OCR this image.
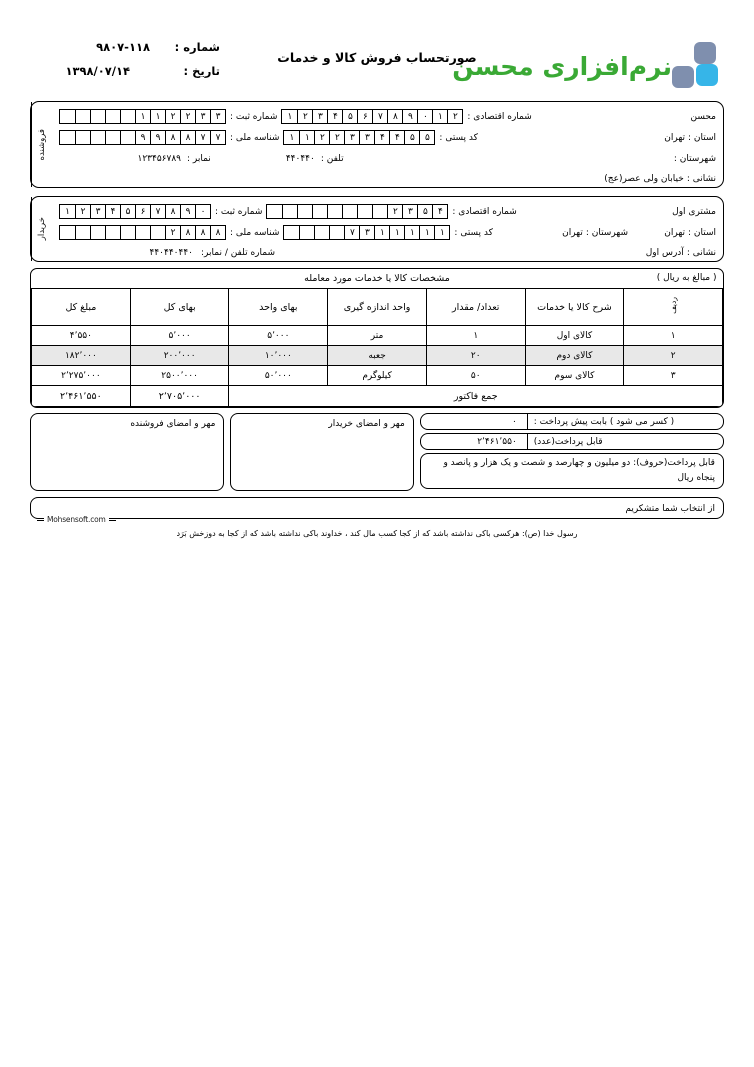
نرم‌افزاری محسن
صورتحساب فروش کالا و خدمات
شماره :
۹۸۰۷-۱۱۸
تاریخ :
۱۳۹۸/۰۷/۱۴
فروشنده
محسن
شماره اقتصادی :
۲
۱
۰
۹
۸
۷
۶
۵
۴
۳
۲
۱
شماره ثبت :
۳
۳
۲
۲
۱
۱
استان :
تهران
کد پستی :
۵
۵
۴
۴
۳
۳
۲
۲
۱
۱
شناسه ملی :
۷
۷
۸
۸
۹
۹
شهرستان :
تلفن :
۴۴۰۴۴۰
نمابر :
۱۲۳۴۵۶۷۸۹
نشانی :
خیابان ولی عصر(عج)
خریدار
مشتری اول
شماره اقتصادی :
۴
۵
۳
۲
شماره ثبت :
۰
۹
۸
۷
۶
۵
۴
۳
۲
۱
استان :
تهران
شهرستان :
تهران
کد پستی :
۱
۱
۱
۱
۱
۳
۷
شناسه ملی :
۸
۸
۸
۲
نشانی :
آدرس اول
شماره تلفن / نمابر:
۴۴۰۴۴۰۴۴۰
مشخصات کالا یا خدمات مورد معامله ( مبالغ به ریال )						

ردیف	شرح کالا یا خدمات	تعداد/ مقدار	واحد اندازه گیری	بهای واحد	بهای کل	مبلغ کل
۱	کالای اول	۱	متر	۵٬۰۰۰	۵٬۰۰۰	۴٬۵۵۰
۲	کالای دوم	۲۰	جعبه	۱۰٬۰۰۰	۲۰۰٬۰۰۰	۱۸۲٬۰۰۰
۳	کالای سوم	۵۰	کیلوگرم	۵۰٬۰۰۰	۲۵۰۰٬۰۰۰	۲٬۲۷۵٬۰۰۰
جمع فاکتور					۲٬۷۰۵٬۰۰۰	۲٬۴۶۱٬۵۵۰
مهر و امضای فروشنده	مهر و امضای خریدار	( کسر می شود ) بابت پیش پرداخت :
۰
قابل پرداخت(عدد)
۲٬۴۶۱٬۵۵۰
قابل پرداخت(حروف): دو میلیون و چهارصد و شصت و یک هزار و پانصد و پنجاه ریال
از انتخاب شما متشکریم
Mohsensoft.com
رسول خدا (ص): هرکسی باکی نداشته باشد که از کجا کسب مال کند ، خداوند باکی نداشته باشد که از کجا به دوزخش بَرَد
